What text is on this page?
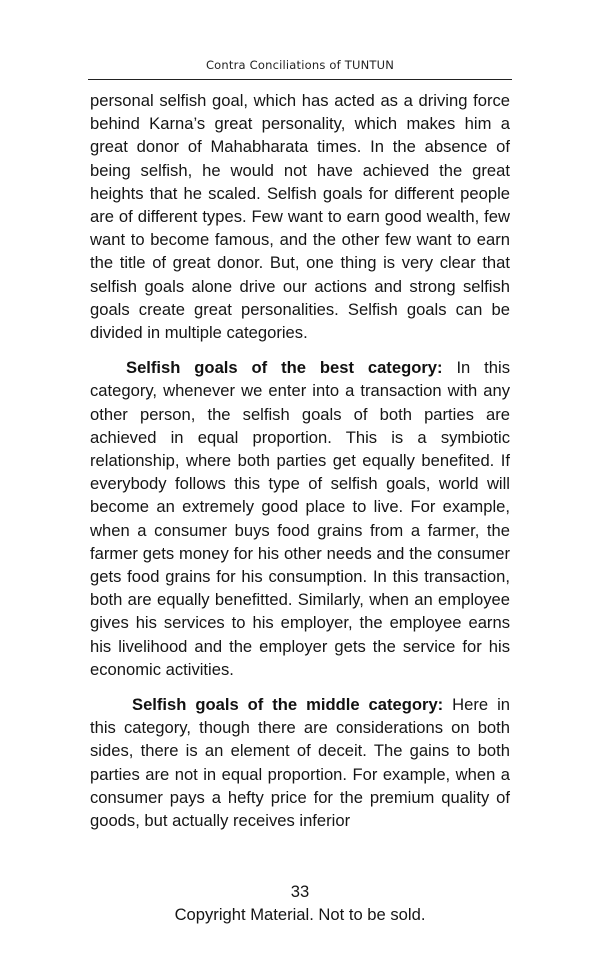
Contra Conciliations of TUNTUN

personal selfish goal, which has acted as a driving force behind Karna’s great personality, which makes him a great donor of Mahabharata times. In the absence of being selfish, he would not have achieved the great heights that he scaled. Selfish goals for different people are of different types. Few want to earn good wealth, few want to become famous, and the other few want to earn the title of great donor. But, one thing is very clear that selfish goals alone drive our actions and strong selfish goals create great personalities. Selfish goals can be divided in multiple categories.

Selfish goals of the best category: In this category, whenever we enter into a transaction with any other person, the selfish goals of both parties are achieved in equal proportion. This is a symbiotic relationship, where both parties get equally benefited. If everybody follows this type of selfish goals, world will become an extremely good place to live. For example, when a consumer buys food grains from a farmer, the farmer gets money for his other needs and the consumer gets food grains for his consumption. In this transaction, both are equally benefitted. Similarly, when an employee gives his services to his employer, the employee earns his livelihood and the employer gets the service for his economic activities.

Selfish goals of the middle category: Here in this category, though there are considerations on both sides, there is an element of deceit. The gains to both parties are not in equal proportion. For example, when a consumer pays a hefty price for the premium quality of goods, but actually receives inferior

33
Copyright Material. Not to be sold.
